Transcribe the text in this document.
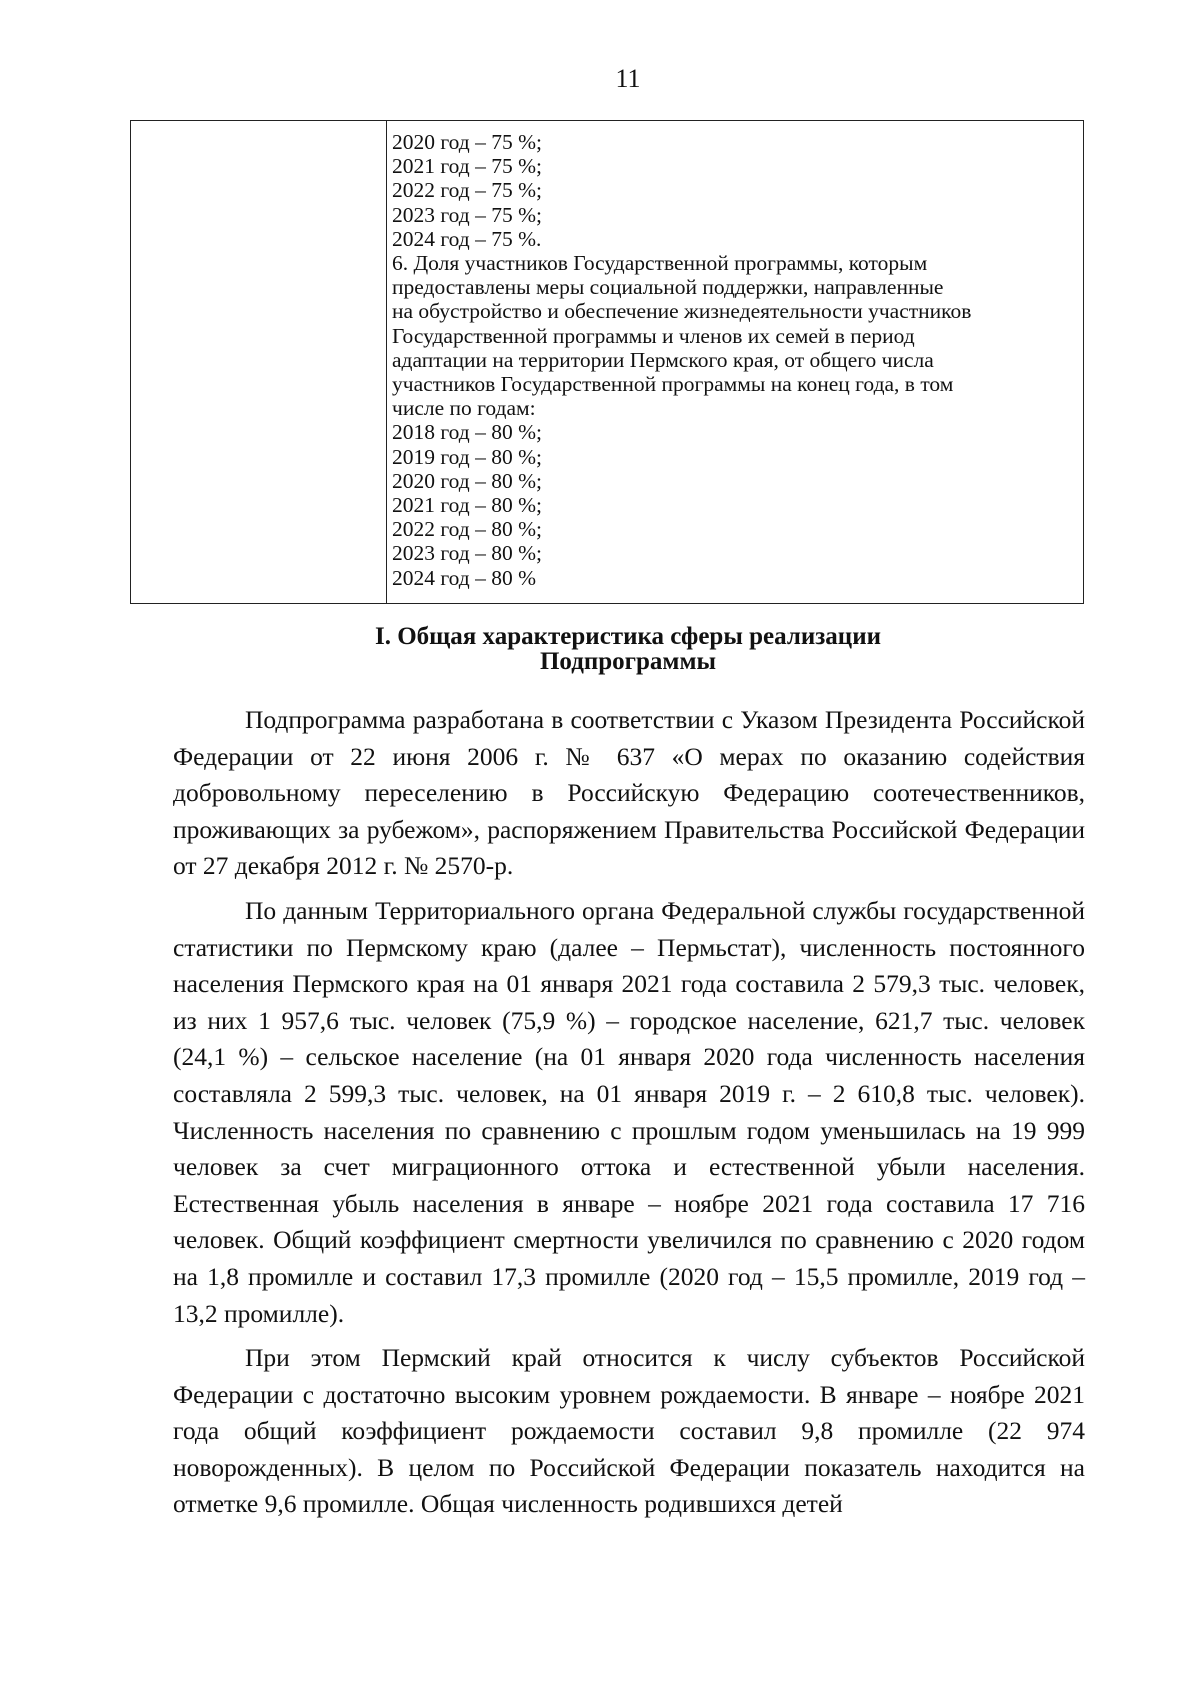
11
2020 год – 75 %;
2021 год – 75 %;
2022 год – 75 %;
2023 год – 75 %;
2024 год – 75 %.
6. Доля участников Государственной программы, которым
предоставлены меры социальной поддержки, направленные
на обустройство и обеспечение жизнедеятельности участников
Государственной программы и членов их семей в период
адаптации на территории Пермского края, от общего числа
участников Государственной программы на конец года, в том
числе по годам:
2018 год – 80 %;
2019 год – 80 %;
2020 год – 80 %;
2021 год – 80 %;
2022 год – 80 %;
2023 год – 80 %;
2024 год – 80 %
I. Общая характеристика сферы реализации
Подпрограммы

Подпрограмма разработана в соответствии с Указом Президента Российской Федерации от 22 июня 2006 г. № 637 «О мерах по оказанию содействия добровольному переселению в Российскую Федерацию соотечественников, проживающих за рубежом», распоряжением Правительства Российской Федерации от 27 декабря 2012 г. № 2570-р.

По данным Территориального органа Федеральной службы государственной статистики по Пермскому краю (далее – Пермьстат), численность постоянного населения Пермского края на 01 января 2021 года составила 2 579,3 тыс. человек, из них 1 957,6 тыс. человек (75,9 %) – городское население, 621,7 тыс. человек (24,1 %) – сельское население (на 01 января 2020 года численность населения составляла 2 599,3 тыс. человек, на 01 января 2019 г. – 2 610,8 тыс. человек). Численность населения по сравнению с прошлым годом уменьшилась на 19 999 человек за счет миграционного оттока и естественной убыли населения. Естественная убыль населения в январе – ноябре 2021 года составила 17 716 человек. Общий коэффициент смертности увеличился по сравнению с 2020 годом на 1,8 промилле и составил 17,3 промилле (2020 год – 15,5 промилле, 2019 год – 13,2 промилле).

При этом Пермский край относится к числу субъектов Российской Федерации с достаточно высоким уровнем рождаемости. В январе – ноябре 2021 года общий коэффициент рождаемости составил 9,8 промилле (22 974 новорожденных). В целом по Российской Федерации показатель находится на отметке 9,6 промилле. Общая численность родившихся детей
